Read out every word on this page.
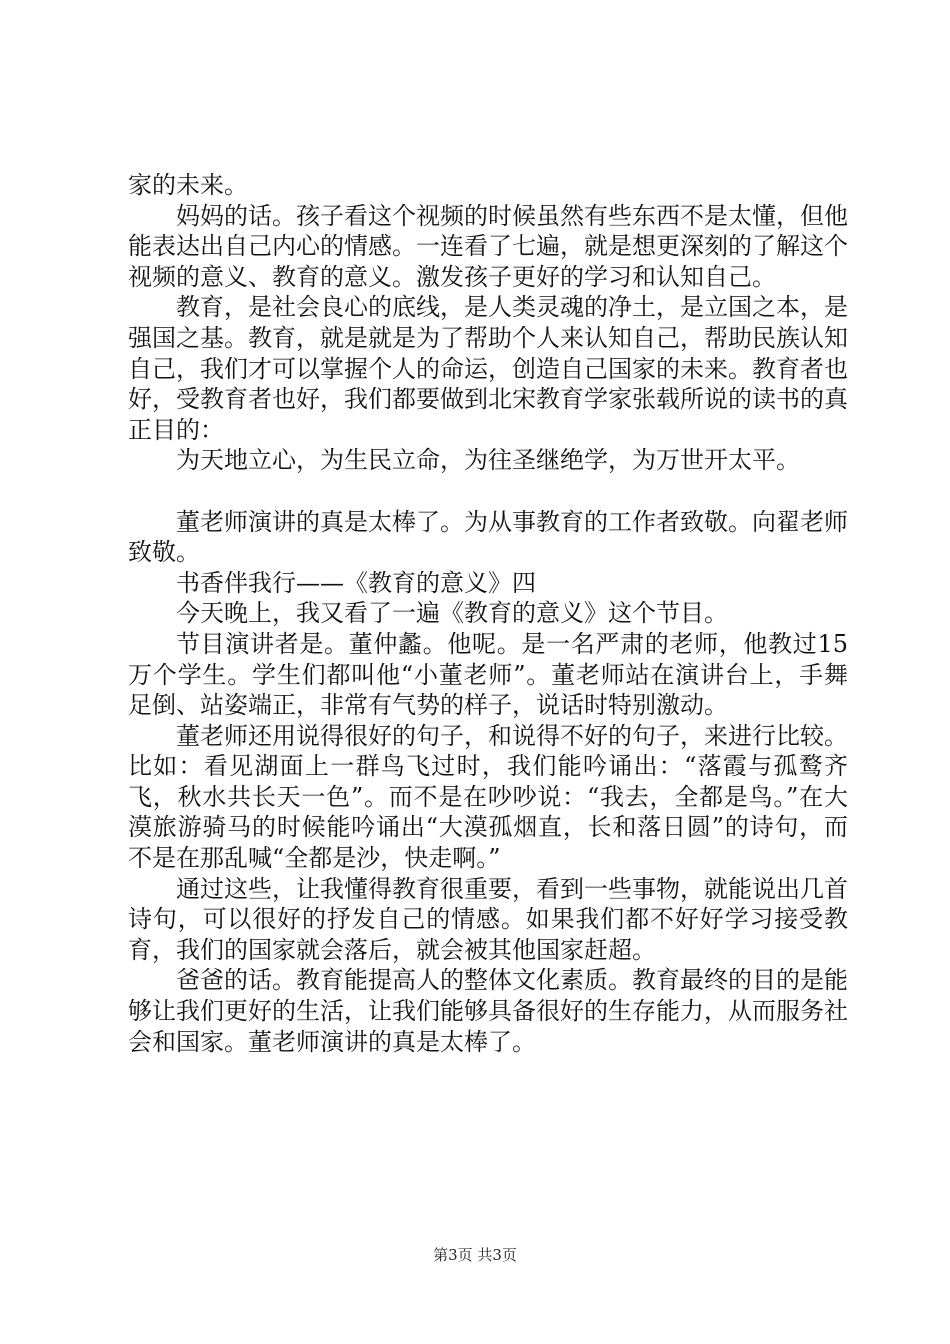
家的未来。

妈妈的话。孩子看这个视频的时候虽然有些东西不是太懂，但他能表达出自己内心的情感。一连看了七遍，就是想更深刻的了解这个视频的意义、教育的意义。激发孩子更好的学习和认知自己。

教育，是社会良心的底线，是人类灵魂的净土，是立国之本，是强国之基。教育，就是就是为了帮助个人来认知自己，帮助民族认知自己，我们才可以掌握个人的命运，创造自己国家的未来。教育者也好，受教育者也好，我们都要做到北宋教育学家张载所说的读书的真正目的：

为天地立心，为生民立命，为往圣继绝学，为万世开太平。

董老师演讲的真是太棒了。为从事教育的工作者致敬。向翟老师致敬。

书香伴我行——《教育的意义》四

今天晚上，我又看了一遍《教育的意义》这个节目。

节目演讲者是。董仲蠡。他呢。是一名严肃的老师，他教过15万个学生。学生们都叫他“小董老师”。董老师站在演讲台上，手舞足倒、站姿端正，非常有气势的样子，说话时特别激动。

董老师还用说得很好的句子，和说得不好的句子，来进行比较。比如：看见湖面上一群鸟飞过时，我们能吟诵出：“落霞与孤鹜齐飞，秋水共长天一色”。而不是在吵吵说：“我去，全都是鸟。”在大漠旅游骑马的时候能吟诵出“大漠孤烟直，长和落日圆”的诗句，而不是在那乱喊“全都是沙，快走啊。”

通过这些，让我懂得教育很重要，看到一些事物，就能说出几首诗句，可以很好的抒发自己的情感。如果我们都不好好学习接受教育，我们的国家就会落后，就会被其他国家赶超。

爸爸的话。教育能提高人的整体文化素质。教育最终的目的是能够让我们更好的生活，让我们能够具备很好的生存能力，从而服务社会和国家。董老师演讲的真是太棒了。

第3页 共3页
